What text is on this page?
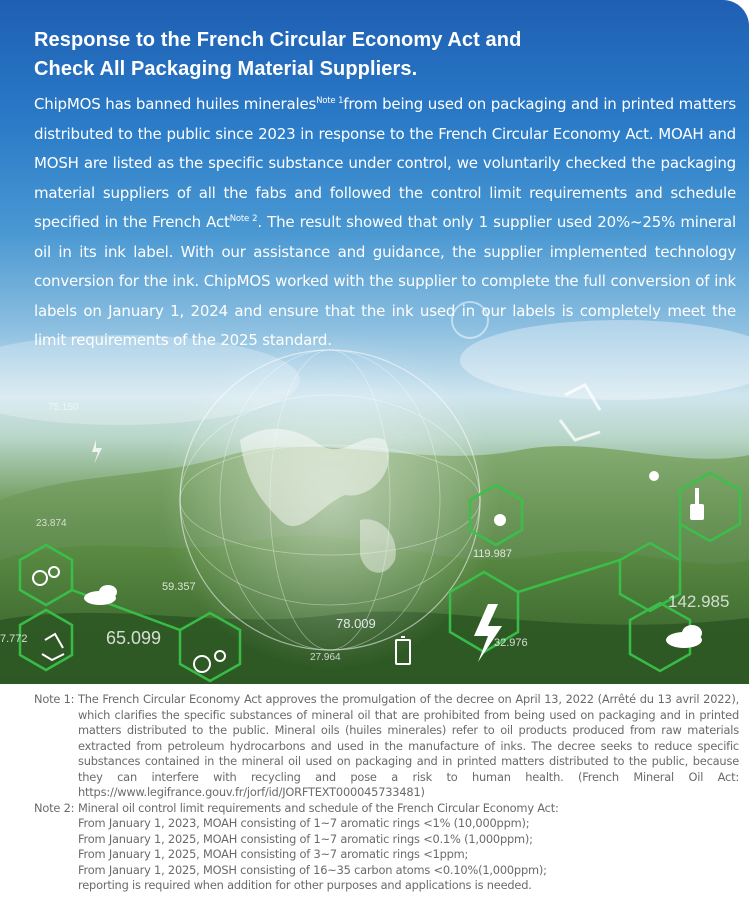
75.150
23.874
59.357
65.099
7.772
78.009
27.964
119.987
32.976
142.985
Response to the French Circular Economy Act and
Check All Packaging Material Suppliers.

ChipMOS has banned huiles minerales$^{Note 1}$from being used on packaging and in printed matters distributed to the public since 2023 in response to the French Circular Economy Act. MOAH and MOSH are listed as the specific substance under control, we voluntarily checked the packaging material suppliers of all the fabs and followed the control limit requirements and schedule specified in the French Act$^{Note 2}$. The result showed that only 1 supplier used 20%~25% mineral oil in its ink label. With our assistance and guidance, the supplier implemented technology conversion for the ink. ChipMOS worked with the supplier to complete the full conversion of ink labels on January 1, 2024 and ensure that the ink used in our labels is completely meet the limit requirements of the 2025 standard.

Note 1: The French Circular Economy Act approves the promulgation of the decree on April 13, 2022 (Arrêté du 13 avril 2022), which clarifies the specific substances of mineral oil that are prohibited from being used on packaging and in printed matters distributed to the public. Mineral oils (huiles minerales) refer to oil products produced from raw materials extracted from petroleum hydrocarbons and used in the manufacture of inks. The decree seeks to reduce specific substances contained in the mineral oil used on packaging and in printed matters distributed to the public, because they can interfere with recycling and pose a risk to human health. (French Mineral Oil Act: https://www.legifrance.gouv.fr/jorf/id/JORFTEXT000045733481)
Note 2: Mineral oil control limit requirements and schedule of the French Circular Economy Act:
From January 1, 2023, MOAH consisting of 1~7 aromatic rings <1% (10,000ppm);
From January 1, 2025, MOAH consisting of 1~7 aromatic rings <0.1% (1,000ppm);
From January 1, 2025, MOAH consisting of 3~7 aromatic rings <1ppm;
From January 1, 2025, MOSH consisting of 16~35 carbon atoms <0.10%(1,000ppm);
reporting is required when addition for other purposes and applications is needed.
